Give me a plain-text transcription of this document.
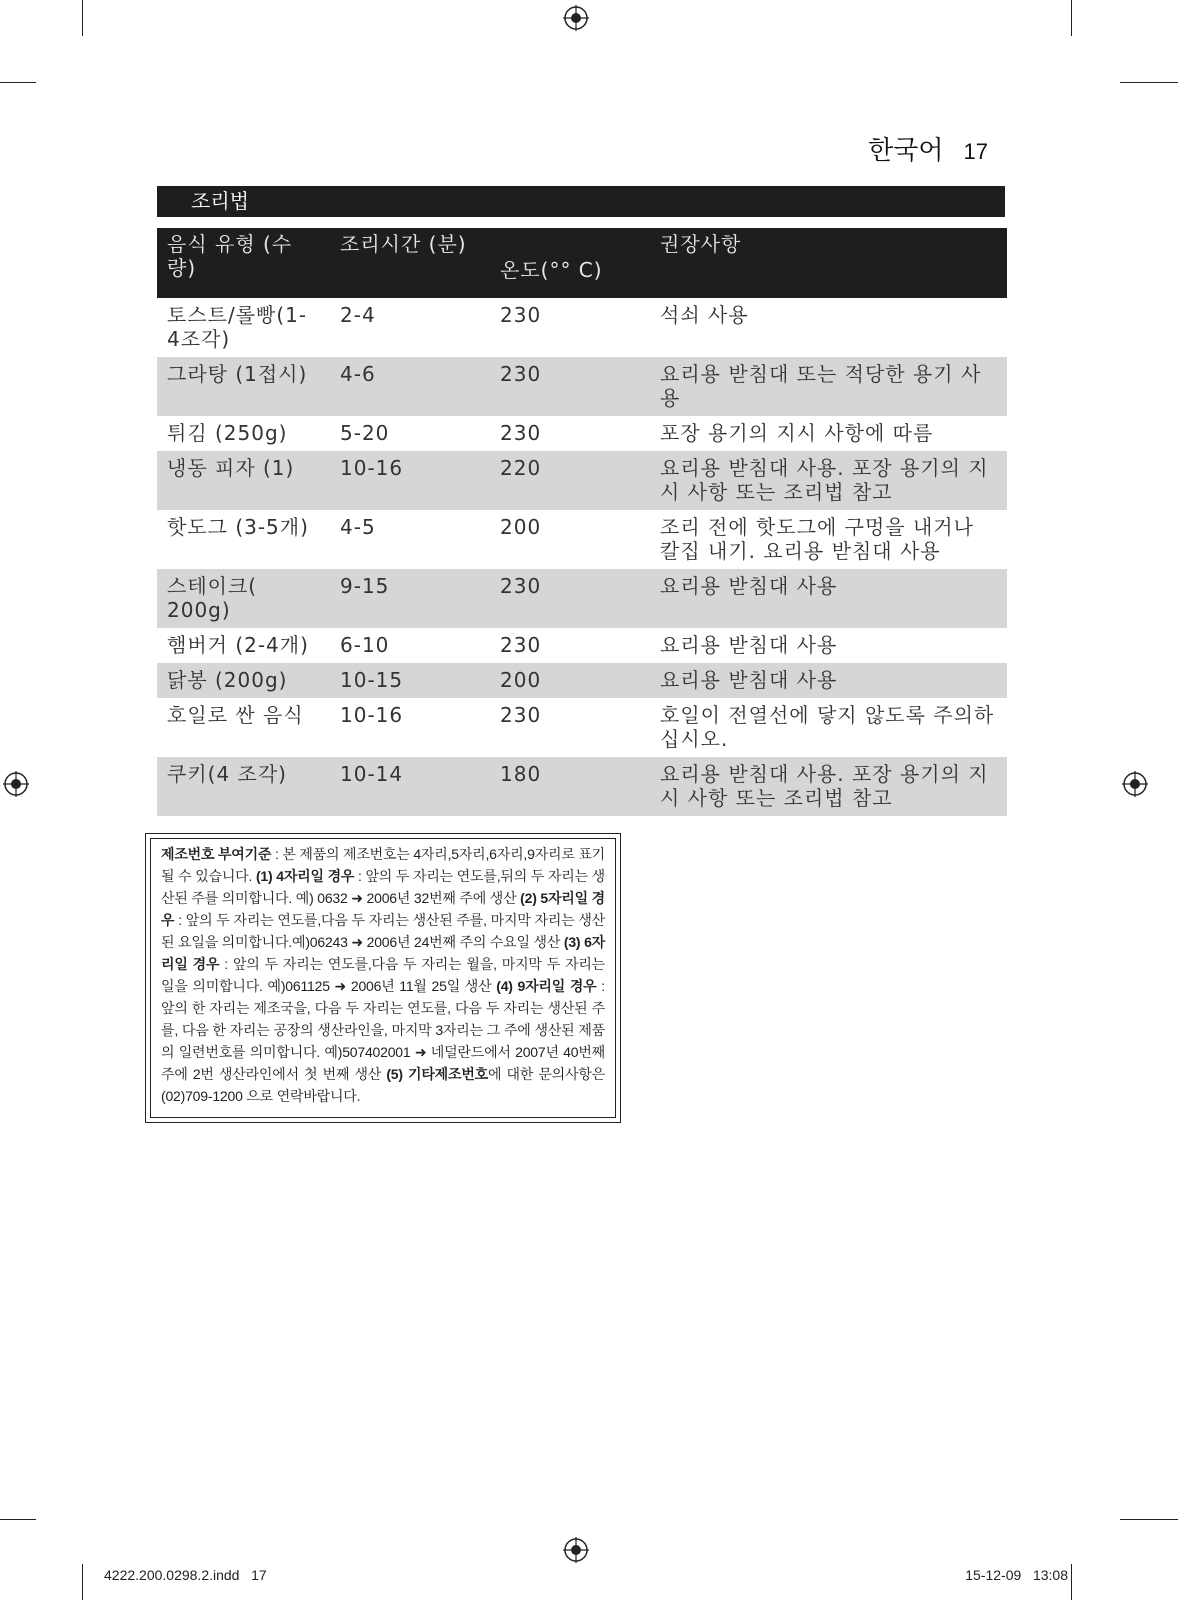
한국어 17
조리법
음식 유형 (수량)	조리시간 (분)	온도(°° C)	권장사항
토스트/롤빵(1-4조각)	2-4	230	석쇠 사용
그라탕 (1접시)	4-6	230	요리용 받침대 또는 적당한 용기 사용
튀김 (250g)	5-20	230	포장 용기의 지시 사항에 따름
냉동 피자 (1)	10-16	220	요리용 받침대 사용. 포장 용기의 지시 사항 또는 조리법 참고
핫도그 (3-5개)	4-5	200	조리 전에 핫도그에 구멍을 내거나 칼집 내기. 요리용 받침대 사용
스테이크( 200g)	9-15	230	요리용 받침대 사용
햄버거 (2-4개)	6-10	230	요리용 받침대 사용
닭봉 (200g)	10-15	200	요리용 받침대 사용
호일로 싼 음식	10-16	230	호일이 전열선에 닿지 않도록 주의하십시오.
쿠키(4 조각)	10-14	180	요리용 받침대 사용. 포장 용기의 지시 사항 또는 조리법 참고
제조번호 부여기준 : 본 제품의 제조번호는 4자리,5자리,6자리,9자리로 표기될 수 있습니다. (1) 4자리일 경우 : 앞의 두 자리는 연도를,뒤의 두 자리는 생산된 주를 의미합니다. 예) 0632 ➜ 2006년 32번째 주에 생산 (2) 5자리일 경우 : 앞의 두 자리는 연도를,다음 두 자리는 생산된 주를, 마지막 자리는 생산된 요일을 의미합니다.예)06243 ➜ 2006년 24번째 주의 수요일 생산 (3) 6자리일 경우 : 앞의 두 자리는 연도를,다음 두 자리는 월을, 마지막 두 자리는 일을 의미합니다. 예)061125 ➜ 2006년 11월 25일 생산 (4) 9자리일 경우 : 앞의 한 자리는 제조국을, 다음 두 자리는 연도를, 다음 두 자리는 생산된 주를, 다음 한 자리는 공장의 생산라인을, 마지막 3자리는 그 주에 생산된 제품의 일련번호를 의미합니다. 예)507402001 ➜ 네덜란드에서 2007년 40번째 주에 2번 생산라인에서 첫 번째 생산 (5) 기타제조번호에 대한 문의사항은 (02)709-1200 으로 연락바랍니다.
4222.200.0298.2.indd   17	15-12-09   13:08
